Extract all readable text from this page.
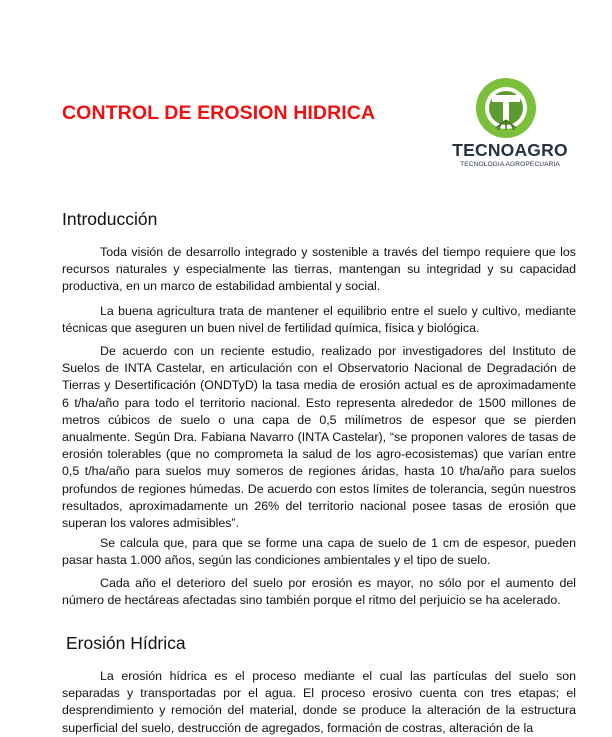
CONTROL DE EROSION HIDRICA
TECNOAGRO
TECNOLOGIA AGROPECUARIA
Introducción

Toda visión de desarrollo integrado y sostenible a través del tiempo requiere que los recursos naturales y especialmente las tierras, mantengan su integridad y su capacidad productiva, en un marco de estabilidad ambiental y social.

La buena agricultura trata de mantener el equilibrio entre el suelo y cultivo, mediante técnicas que aseguren un buen nivel de fertilidad química, física y biológica.

De acuerdo con un reciente estudio, realizado por investigadores del Instituto de Suelos de INTA Castelar, en articulación con el Observatorio Nacional de Degradación de Tierras y Desertificación (ONDTyD) la tasa media de erosión actual es de aproximadamente 6 t/ha/año para todo el territorio nacional. Esto representa alrededor de 1500 millones de metros cúbicos de suelo o una capa de 0,5 milímetros de espesor que se pierden anualmente. Según Dra. Fabiana Navarro (INTA Castelar), “se proponen valores de tasas de erosión tolerables (que no comprometa la salud de los agro-ecosistemas) que varían entre 0,5 t/ha/año para suelos muy someros de regiones áridas, hasta 10 t/ha/año para suelos profundos de regiones húmedas. De acuerdo con estos límites de tolerancia, según nuestros resultados, aproximadamente un 26% del territorio nacional posee tasas de erosión que superan los valores admisibles”.

Se calcula que, para que se forme una capa de suelo de 1 cm de espesor, pueden pasar hasta 1.000 años, según las condiciones ambientales y el tipo de suelo.

Cada año el deterioro del suelo por erosión es mayor, no sólo por el aumento del número de hectáreas afectadas sino también porque el ritmo del perjuicio se ha acelerado.

Erosión Hídrica

La erosión hídrica es el proceso mediante el cual las partículas del suelo son separadas y transportadas por el agua. El proceso erosivo cuenta con tres etapas; el desprendimiento y remoción del material, donde se produce la alteración de la estructura superficial del suelo, destrucción de agregados, formación de costras, alteración de la
